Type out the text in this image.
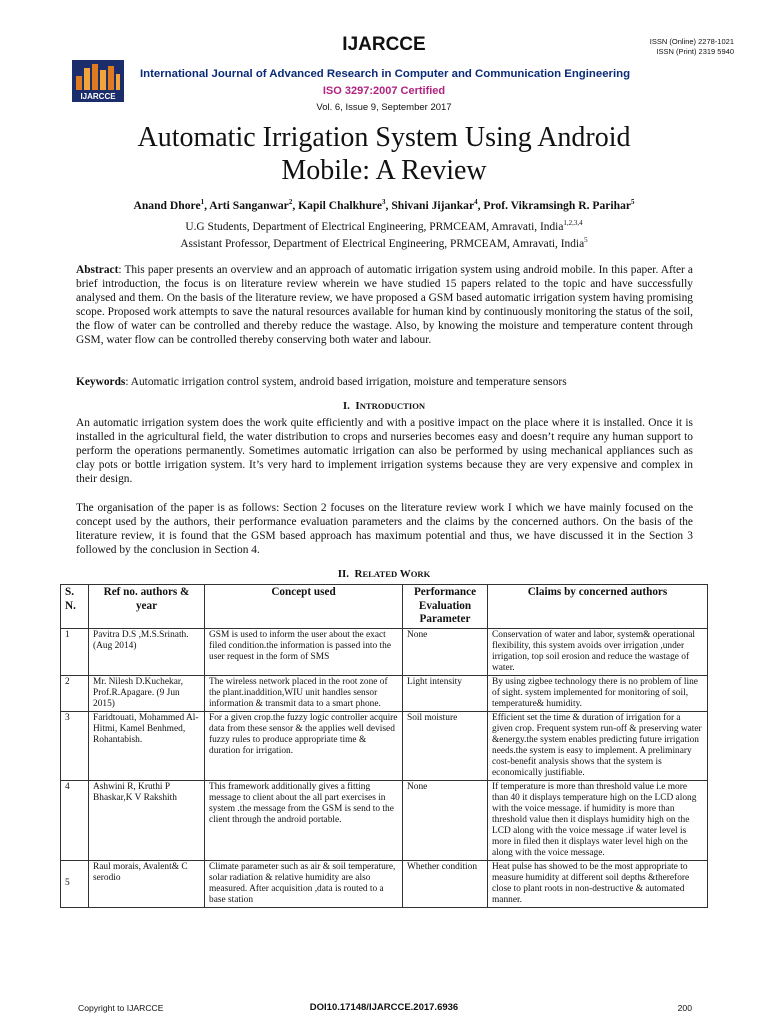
IJARCCE	ISSN (Online) 2278-1021
ISSN (Print) 2319 5940
IJARCCE
International Journal of Advanced Research in Computer and Communication Engineering
ISO 3297:2007 Certified
Vol. 6, Issue 9, September 2017
Automatic Irrigation System Using Android
Mobile: A Review
Anand Dhore$^1$, Arti Sanganwar$^2$, Kapil Chalkhure$^3$, Shivani Jijankar$^4$, Prof. Vikramsingh R. Parihar$^5$
U.G Students, Department of Electrical Engineering, PRMCEAM, Amravati, India$^{1,2,3,4}$
Assistant Professor, Department of Electrical Engineering, PRMCEAM, Amravati, India$^5$
Abstract: This paper presents an overview and an approach of automatic irrigation system using android mobile. In this paper. After a brief introduction, the focus is on literature review wherein we have studied 15 papers related to the topic and have successfully analysed and them. On the basis of the literature review, we have proposed a GSM based automatic irrigation system having promising scope. Proposed work attempts to save the natural resources available for human kind by continuously monitoring the status of the soil, the flow of water can be controlled and thereby reduce the wastage. Also, by knowing the moisture and temperature content through GSM, water flow can be controlled thereby conserving both water and labour.
Keywords: Automatic irrigation control system, android based irrigation, moisture and temperature sensors
I. INTRODUCTION
An automatic irrigation system does the work quite efficiently and with a positive impact on the place where it is installed. Once it is installed in the agricultural field, the water distribution to crops and nurseries becomes easy and doesn’t require any human support to perform the operations permanently. Sometimes automatic irrigation can also be performed by using mechanical appliances such as clay pots or bottle irrigation system. It’s very hard to implement irrigation systems because they are very expensive and complex in their design.
The organisation of the paper is as follows: Section 2 focuses on the literature review work I which we have mainly focused on the concept used by the authors, their performance evaluation parameters and the claims by the concerned authors. On the basis of the literature review, it is found that the GSM based approach has maximum potential and thus, we have discussed it in the Section 3 followed by the conclusion in Section 4.
II. RELATED WORK
S. N.	Ref no. authors & year	Concept used	Performance Evaluation Parameter	Claims by concerned authors
1	Pavitra D.S ,M.S.Srinath. (Aug 2014)	GSM is used to inform the user about the exact filed condition.the information is passed into the user request in the form of SMS	None	Conservation of water and labor, system& operational flexibility, this system avoids over irrigation ,under irrigation, top soil erosion and reduce the wastage of water.
2	Mr. Nilesh D.Kuchekar, Prof.R.Apagare. (9 Jun 2015)	The wireless network placed in the root zone of the plant.inaddition,WIU unit handles sensor information & transmit data to a smart phone.	Light intensity	By using zigbee technology there is no problem of line of sight. system implemented for monitoring of soil, temperature& humidity.
3	Faridtouati, Mohammed Al-Hitmi, Kamel Benhmed, Rohantabish.	For a given crop.the fuzzy logic controller acquire data from these sensor & the applies well devised fuzzy rules to produce appropriate time & duration for irrigation.	Soil moisture	Efficient set the time & duration of irrigation for a given crop. Frequent system run-off & preserving water &energy.the system enables predicting future irrigation needs.the system is easy to implement. A preliminary cost-benefit analysis shows that the system is economically justifiable.
4	Ashwini R, Kruthi P Bhaskar,K V Rakshith	This framework additionally gives a fitting message to client about the all part exercises in system .the message from the GSM is send to the client through the android portable.	None	If temperature is more than threshold value i.e more than 40 it displays temperature high on the LCD along with the voice message. if humidity is more than threshold value then it displays humidity high on the LCD along with the voice message .if water level is more in filed then it displays water level high on the along with the voice message.
5	Raul morais, Avalent& C serodio	Climate parameter such as air & soil temperature, solar radiation & relative humidity are also measured. After acquisition ,data is routed to a base station	Whether condition	Heat pulse has showed to be the most appropriate to measure humidity at different soil depths &therefore close to plant roots in non-destructive & automated manner.
Copyright to IJARCCE	DOI10.17148/IJARCCE.2017.6936	200
